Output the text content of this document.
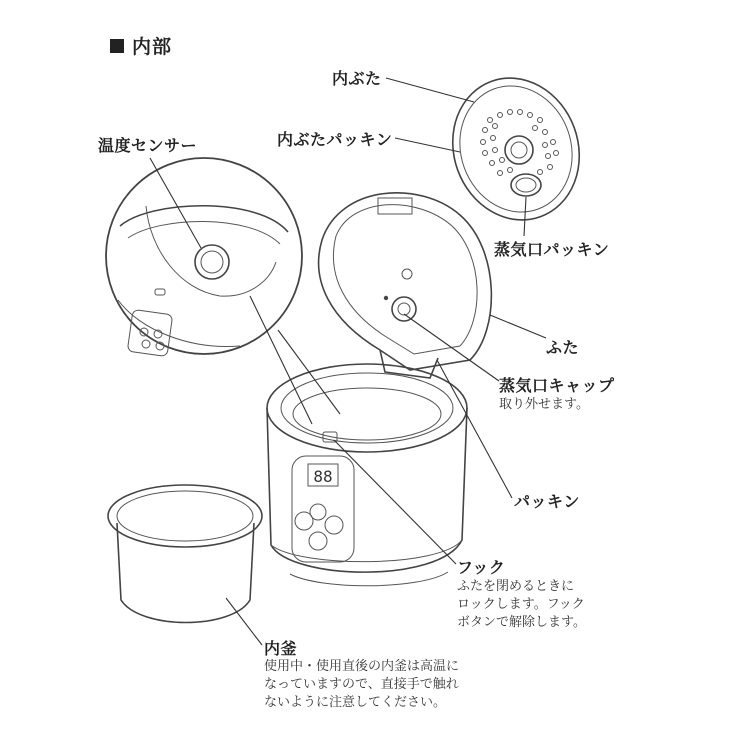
内部
88
内ぶた
内ぶたパッキン
温度センサー
蒸気口パッキン
ふた
蒸気口キャップ
取り外せます。
パッキン
フック
ふたを閉めるときに
ロックします。フック
ボタンで解除します。
内釜
使用中・使用直後の内釜は高温に
なっていますので、直接手で触れ
ないように注意してください。
